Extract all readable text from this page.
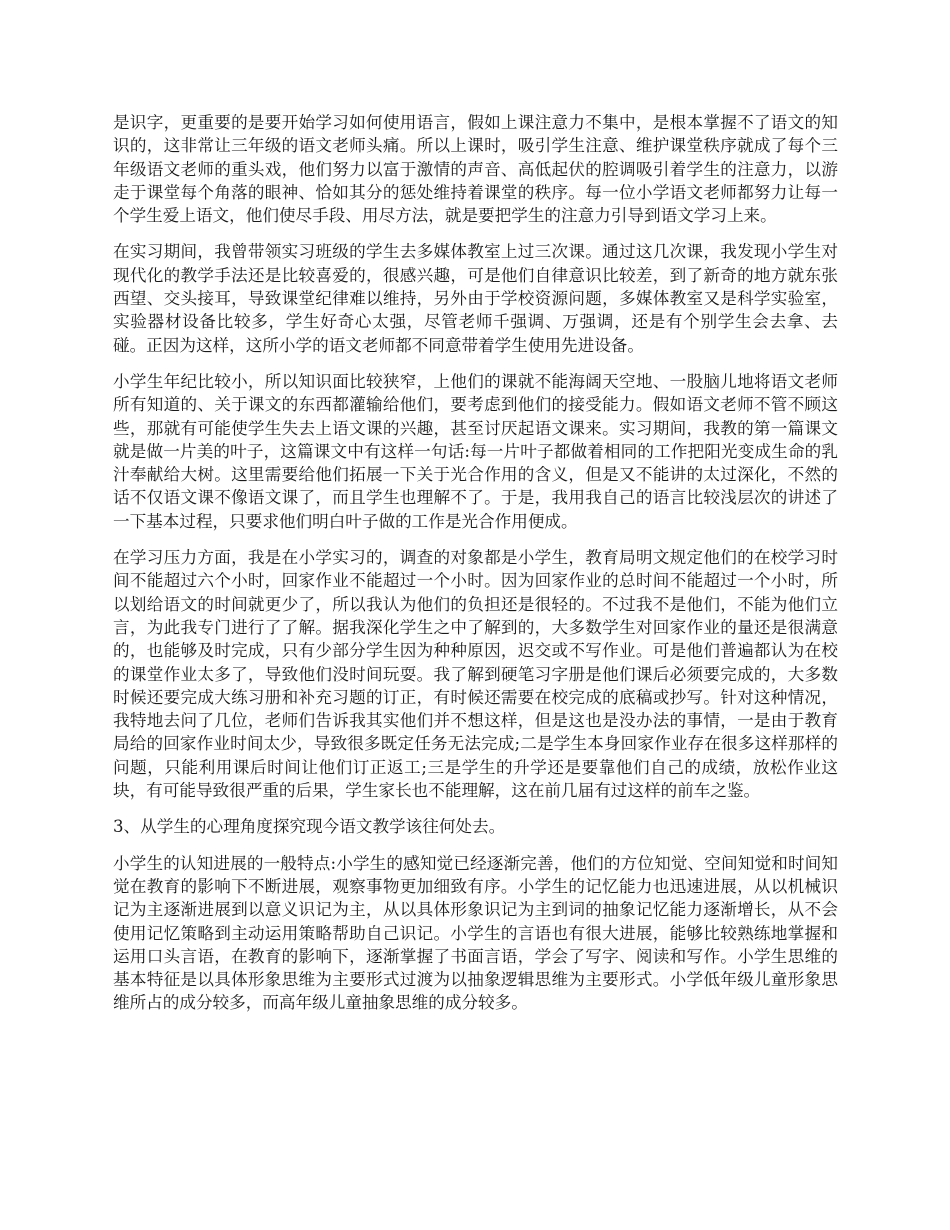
是识字，更重要的是要开始学习如何使用语言，假如上课注意力不集中，是根本掌握不了语文的知识的，这非常让三年级的语文老师头痛。所以上课时，吸引学生注意、维护课堂秩序就成了每个三年级语文老师的重头戏，他们努力以富于激情的声音、高低起伏的腔调吸引着学生的注意力，以游走于课堂每个角落的眼神、恰如其分的惩处维持着课堂的秩序。每一位小学语文老师都努力让每一个学生爱上语文，他们使尽手段、用尽方法，就是要把学生的注意力引导到语文学习上来。

在实习期间，我曾带领实习班级的学生去多媒体教室上过三次课。通过这几次课，我发现小学生对现代化的教学手法还是比较喜爱的，很感兴趣，可是他们自律意识比较差，到了新奇的地方就东张西望、交头接耳，导致课堂纪律难以维持，另外由于学校资源问题，多媒体教室又是科学实验室，实验器材设备比较多，学生好奇心太强，尽管老师千强调、万强调，还是有个别学生会去拿、去碰。正因为这样，这所小学的语文老师都不同意带着学生使用先进设备。

小学生年纪比较小，所以知识面比较狭窄，上他们的课就不能海阔天空地、一股脑儿地将语文老师所有知道的、关于课文的东西都灌输给他们，要考虑到他们的接受能力。假如语文老师不管不顾这些，那就有可能使学生失去上语文课的兴趣，甚至讨厌起语文课来。实习期间，我教的第一篇课文就是做一片美的叶子，这篇课文中有这样一句话:每一片叶子都做着相同的工作把阳光变成生命的乳汁奉献给大树。这里需要给他们拓展一下关于光合作用的含义，但是又不能讲的太过深化，不然的话不仅语文课不像语文课了，而且学生也理解不了。于是，我用我自己的语言比较浅层次的讲述了一下基本过程，只要求他们明白叶子做的工作是光合作用便成。

在学习压力方面，我是在小学实习的，调查的对象都是小学生，教育局明文规定他们的在校学习时间不能超过六个小时，回家作业不能超过一个小时。因为回家作业的总时间不能超过一个小时，所以划给语文的时间就更少了，所以我认为他们的负担还是很轻的。不过我不是他们，不能为他们立言，为此我专门进行了了解。据我深化学生之中了解到的，大多数学生对回家作业的量还是很满意的，也能够及时完成，只有少部分学生因为种种原因，迟交或不写作业。可是他们普遍都认为在校的课堂作业太多了，导致他们没时间玩耍。我了解到硬笔习字册是他们课后必须要完成的，大多数时候还要完成大练习册和补充习题的订正，有时候还需要在校完成的底稿或抄写。针对这种情况，我特地去问了几位，老师们告诉我其实他们并不想这样，但是这也是没办法的事情，一是由于教育局给的回家作业时间太少，导致很多既定任务无法完成;二是学生本身回家作业存在很多这样那样的问题，只能利用课后时间让他们订正返工;三是学生的升学还是要靠他们自己的成绩，放松作业这块，有可能导致很严重的后果，学生家长也不能理解，这在前几届有过这样的前车之鉴。

3、从学生的心理角度探究现今语文教学该往何处去。

小学生的认知进展的一般特点:小学生的感知觉已经逐渐完善，他们的方位知觉、空间知觉和时间知觉在教育的影响下不断进展，观察事物更加细致有序。小学生的记忆能力也迅速进展，从以机械识记为主逐渐进展到以意义识记为主，从以具体形象识记为主到词的抽象记忆能力逐渐增长，从不会使用记忆策略到主动运用策略帮助自己识记。小学生的言语也有很大进展，能够比较熟练地掌握和运用口头言语，在教育的影响下，逐渐掌握了书面言语，学会了写字、阅读和写作。小学生思维的基本特征是以具体形象思维为主要形式过渡为以抽象逻辑思维为主要形式。小学低年级儿童形象思维所占的成分较多，而高年级儿童抽象思维的成分较多。
